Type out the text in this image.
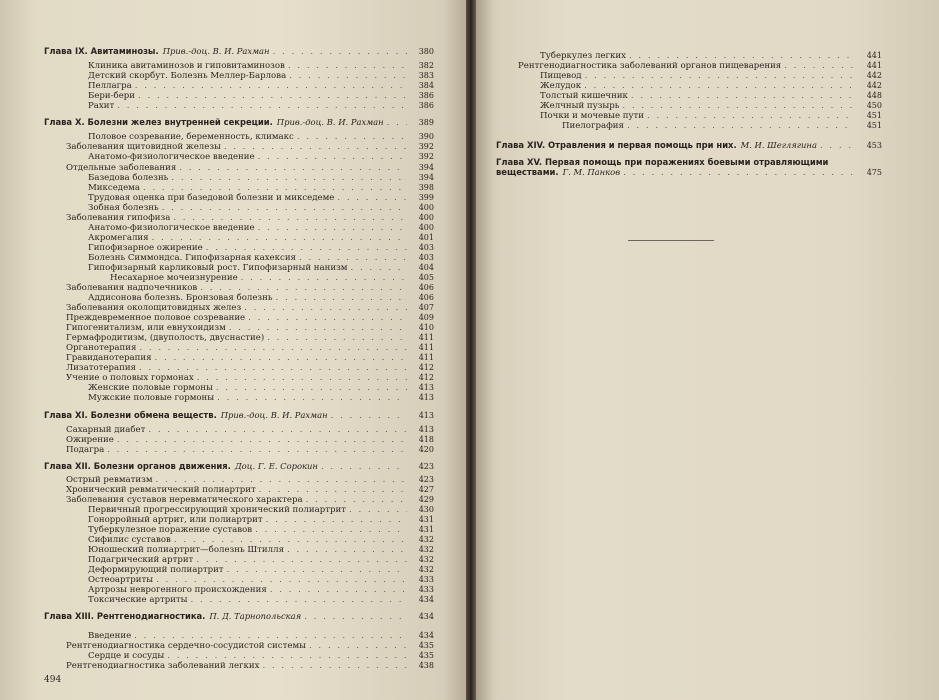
Глава IX. Авитаминозы. Прив.-доц. В. И. Рахман . . .	380
Клиника авитаминозов и гиповитаминозов . . .	382
Детский скорбут. Болезнь Меллер-Барлова . . .	383
Пеллагра . . .	384
Бери-бери . . .	386
Рахит . . .	386
Глава X. Болезни желез внутренней секреции. Прив.-доц. В. И. Рахман . . .	389
Половое созревание, беременность, климакс . . .	390
Заболевания щитовидной железы . . .	392
Анатомо-физиологическое введение . . .	392
Отдельные заболевания . . .	394
Базедова болезнь . . .	394
Микседема . . .	398
Трудовая оценка при базедовой болезни и микседеме . . .	399
Зобная болезнь . . .	400
Заболевания гипофиза . . .	400
Анатомо-физиологическое введение . . .	400
Акромегалия . . .	401
Гипофизарное ожирение . . .	403
Болезнь Симмондса. Гипофизарная кахексия . . .	403
Гипофизарный карликовый рост. Гипофизарный нанизм . . .	404
Несахарное мочеизнурение . . .	405
Заболевания надпочечников . . .	406
Аддисонова болезнь. Бронзовая болезнь . . .	406
Заболевания околощитовидных желез . . .	407
Преждевременное половое созревание . . .	409
Гипогенитализм, или евнухоидизм . . .	410
Гермафродитизм, (двуполость, двуснастие) . . .	411
Органотерапия . . .	411
Гравиданотерапия . . .	411
Лизатотерапия . . .	412
Учение о половых гормонах . . .	412
Женские половые гормоны . . .	413
Мужские половые гормоны . . .	413
Глава XI. Болезни обмена веществ. Прив.-доц. В. И. Рахман . . .	413
Сахарный диабет . . .	413
Ожирение . . .	418
Подагра . . .	420
Глава XII. Болезни органов движения. Доц. Г. Е. Сорокин . . .	423
Острый ревматизм . . .	423
Хронический ревматический полиартрит . . .	427
Заболевания суставов неревматического характера . . .	429
Первичный прогрессирующий хронический полиартрит . . .	430
Гонорройный артрит, или полиартрит . . .	431
Туберкулезное поражение суставов . . .	431
Сифилис суставов . . .	432
Юношеский полиартрит—болезнь Штилля . . .	432
Подагрический артрит . . .	432
Деформирующий полиартрит . . .	432
Остеоартриты . . .	433
Артрозы неврогенного происхождения . . .	433
Токсические артриты . . .	434
Глава XIII. Рентгенодиагностика. П. Д. Тарнопольская . . .	434
Введение . . .	434
Рентгенодиагностика сердечно-сосудистой системы . . .	435
Сердце и сосуды . . .	435
Рентгенодиагностика заболеваний легких . . .	438
494
Туберкулез легких . . .	441
Рентгенодиагностика заболеваний органов пищеварения . . .	441
Пищевод . . .	442
Желудок . . .	442
Толстый кишечник . . .	448
Желчный пузырь . . .	450
Почки и мочевые пути . . .	451
Пиелография . . .	451
Глава XIV. Отравления и первая помощь при них. М. И. Шеглягина . . .	453
Глава XV. Первая помощь при поражениях боевыми отравляющими
веществами. Г. М. Панков . . .	475
